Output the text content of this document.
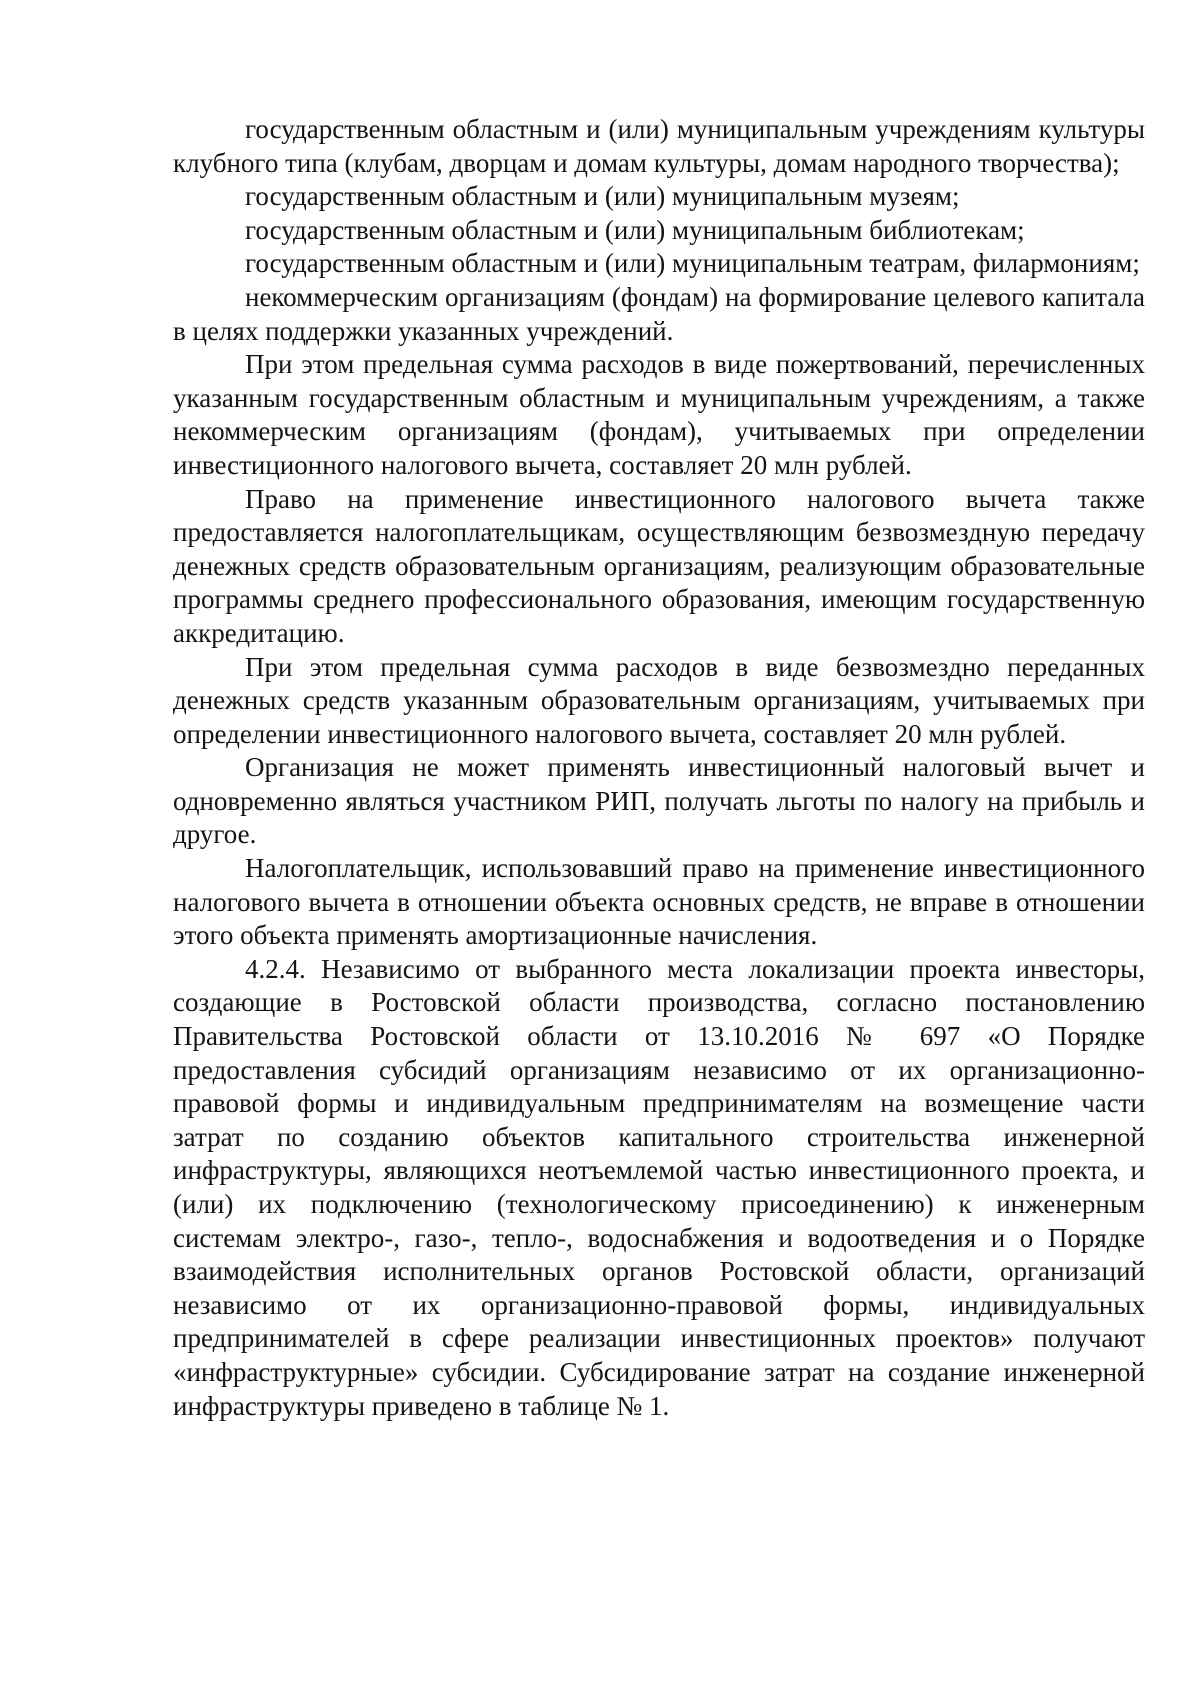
государственным областным и (или) муниципальным учреждениям культуры клубного типа (клубам, дворцам и домам культуры, домам народного творчества);

государственным областным и (или) муниципальным музеям;

государственным областным и (или) муниципальным библиотекам;

государственным областным и (или) муниципальным театрам, филармониям;

некоммерческим организациям (фондам) на формирование целевого капитала в целях поддержки указанных учреждений.

При этом предельная сумма расходов в виде пожертвований, перечисленных указанным государственным областным и муниципальным учреждениям, а также некоммерческим организациям (фондам), учитываемых при определении инвестиционного налогового вычета, составляет 20 млн рублей.

Право на применение инвестиционного налогового вычета также предоставляется налогоплательщикам, осуществляющим безвозмездную передачу денежных средств образовательным организациям, реализующим образовательные программы среднего профессионального образования, имеющим государственную аккредитацию.

При этом предельная сумма расходов в виде безвозмездно переданных денежных средств указанным образовательным организациям, учитываемых при определении инвестиционного налогового вычета, составляет 20 млн рублей.

Организация не может применять инвестиционный налоговый вычет и одновременно являться участником РИП, получать льготы по налогу на прибыль и другое.

Налогоплательщик, использовавший право на применение инвестиционного налогового вычета в отношении объекта основных средств, не вправе в отношении этого объекта применять амортизационные начисления.

4.2.4. Независимо от выбранного места локализации проекта инвесторы, создающие в Ростовской области производства, согласно постановлению Правительства Ростовской области от 13.10.2016 № 697 «О Порядке предоставления субсидий организациям независимо от их организационно-правовой формы и индивидуальным предпринимателям на возмещение части затрат по созданию объектов капитального строительства инженерной инфраструктуры, являющихся неотъемлемой частью инвестиционного проекта, и (или) их подключению (технологическому присоединению) к инженерным системам электро-, газо-, тепло-, водоснабжения и водоотведения и о Порядке взаимодействия исполнительных органов Ростовской области, организаций независимо от их организационно-правовой формы, индивидуальных предпринимателей в сфере реализации инвестиционных проектов» получают «инфраструктурные» субсидии. Субсидирование затрат на создание инженерной инфраструктуры приведено в таблице № 1.
